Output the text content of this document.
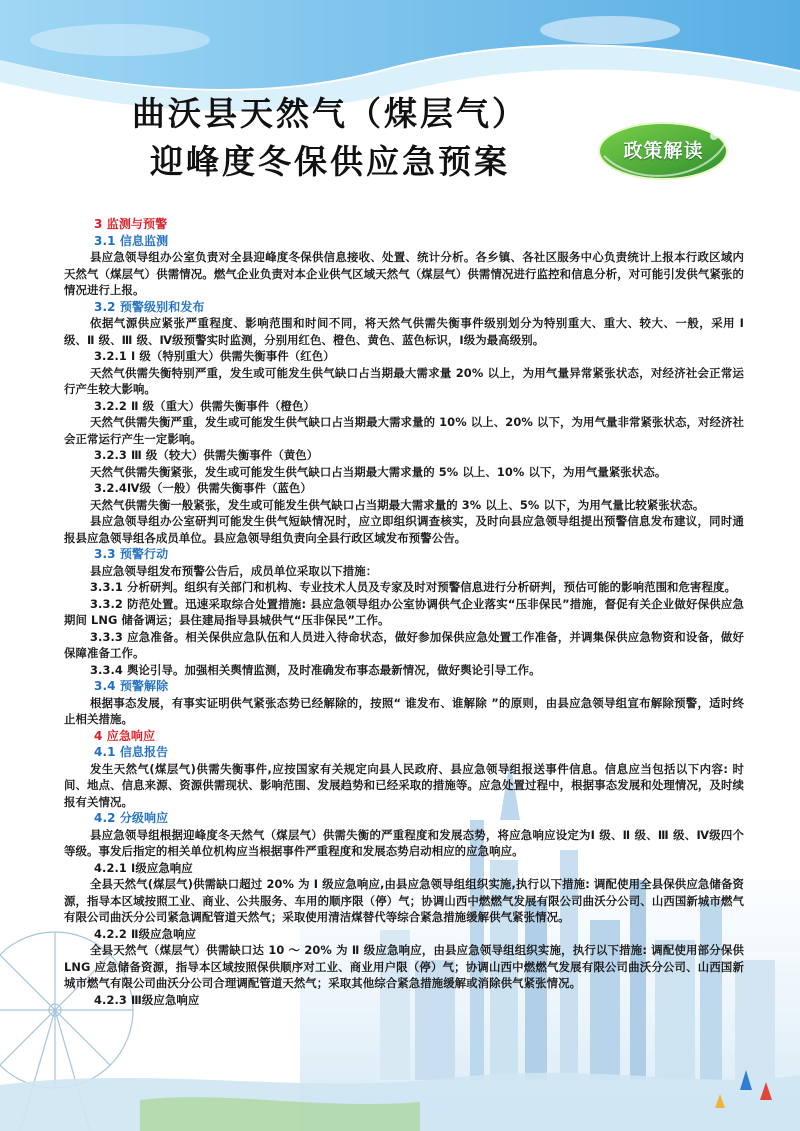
曲沃县天然气（煤层气）
迎峰度冬保供应急预案	政策解读

3 监测与预警

3.1 信息监测

县应急领导组办公室负责对全县迎峰度冬保供信息接收、处置、统计分析。各乡镇、各社区服务中心负责统计上报本行政区域内天然气（煤层气）供需情况。燃气企业负责对本企业供气区域天然气（煤层气）供需情况进行监控和信息分析，对可能引发供气紧张的情况进行上报。

3.2 预警级别和发布

依据气源供应紧张严重程度、影响范围和时间不同，将天然气供需失衡事件级别划分为特别重大、重大、较大、一般，采用 Ⅰ 级、Ⅱ 级、Ⅲ 级、Ⅳ级预警实时监测，分别用红色、橙色、黄色、蓝色标识，Ⅰ级为最高级别。

3.2.1 Ⅰ 级（特别重大）供需失衡事件（红色）

天然气供需失衡特别严重，发生或可能发生供气缺口占当期最大需求量 20% 以上，为用气量异常紧张状态，对经济社会正常运行产生较大影响。

3.2.2 Ⅱ 级（重大）供需失衡事件（橙色）

天然气供需失衡严重，发生或可能发生供气缺口占当期最大需求量的 10% 以上、20% 以下，为用气量非常紧张状态，对经济社会正常运行产生一定影响。

3.2.3 Ⅲ 级（较大）供需失衡事件（黄色）

天然气供需失衡紧张，发生或可能发生供气缺口占当期最大需求量的 5% 以上、10% 以下，为用气量紧张状态。

3.2.4Ⅳ级（一般）供需失衡事件（蓝色）

天然气供需失衡一般紧张，发生或可能发生供气缺口占当期最大需求量的 3% 以上、5% 以下，为用气量比较紧张状态。

县应急领导组办公室研判可能发生供气短缺情况时，应立即组织调查核实，及时向县应急领导组提出预警信息发布建议，同时通报县应急领导组各成员单位。县应急领导组负责向全县行政区域发布预警公告。

3.3 预警行动

县应急领导组发布预警公告后，成员单位采取以下措施：

3.3.1 分析研判。组织有关部门和机构、专业技术人员及专家及时对预警信息进行分析研判，预估可能的影响范围和危害程度。

3.3.2 防范处置。迅速采取综合处置措施: 县应急领导组办公室协调供气企业落实“压非保民”措施，督促有关企业做好保供应急期间 LNG 储备调运；县住建局指导县城供气“压非保民”工作。

3.3.3 应急准备。相关保供应急队伍和人员进入待命状态，做好参加保供应急处置工作准备，并调集保供应急物资和设备，做好保障准备工作。

3.3.4 舆论引导。加强相关舆情监测，及时准确发布事态最新情况，做好舆论引导工作。

3.4 预警解除

根据事态发展，有事实证明供气紧张态势已经解除的，按照“ 谁发布、谁解除 ”的原则，由县应急领导组宣布解除预警，适时终止相关措施。

4 应急响应

4.1 信息报告

发生天然气(煤层气)供需失衡事件,应按国家有关规定向县人民政府、县应急领导组报送事件信息。信息应当包括以下内容: 时间、地点、信息来源、资源供需现状、影响范围、发展趋势和已经采取的措施等。应急处置过程中，根据事态发展和处理情况，及时续报有关情况。

4.2 分级响应

县应急领导组根据迎峰度冬天然气（煤层气）供需失衡的严重程度和发展态势，将应急响应设定为Ⅰ 级、Ⅱ 级、Ⅲ 级、Ⅳ级四个等级。事发后指定的相关单位机构应当根据事件严重程度和发展态势启动相应的应急响应。

4.2.1 Ⅰ级应急响应

全县天然气(煤层气)供需缺口超过 20% 为 Ⅰ 级应急响应,由县应急领导组组织实施,执行以下措施: 调配使用全县保供应急储备资源，指导本区域按照工业、商业、公共服务、车用的顺序限（停）气；协调山西中燃燃气发展有限公司曲沃分公司、山西国新城市燃气有限公司曲沃分公司紧急调配管道天然气；采取使用清洁煤替代等综合紧急措施缓解供气紧张情况。

4.2.2 Ⅱ级应急响应

全县天然气（煤层气）供需缺口达 10 ～ 20% 为 Ⅱ 级应急响应，由县应急领导组组织实施，执行以下措施: 调配使用部分保供 LNG 应急储备资源，指导本区域按照保供顺序对工业、商业用户限（停）气；协调山西中燃燃气发展有限公司曲沃分公司、山西国新城市燃气有限公司曲沃分公司合理调配管道天然气；采取其他综合紧急措施缓解或消除供气紧张情况。

4.2.3 Ⅲ级应急响应
